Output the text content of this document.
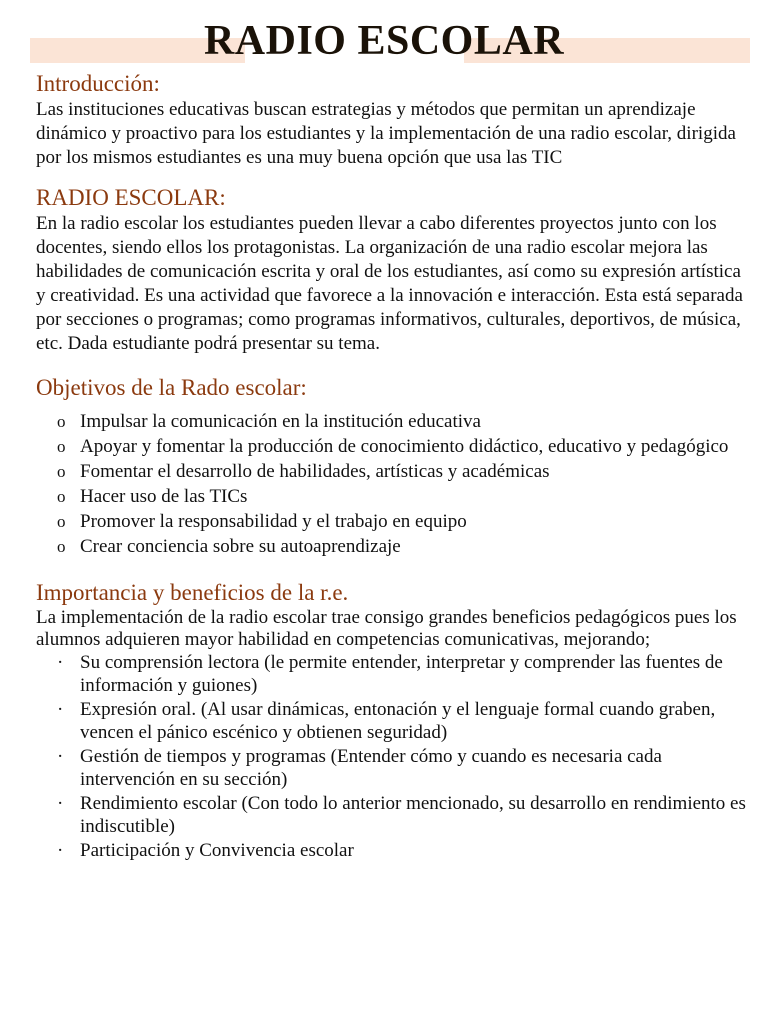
RADIO ESCOLAR
Introducción:

Las instituciones educativas buscan estrategias y métodos que permitan un aprendizaje dinámico y proactivo para los estudiantes y la implementación de una radio escolar, dirigida por los mismos estudiantes es una muy buena opción que usa las TIC

RADIO ESCOLAR:

En la radio escolar los estudiantes pueden llevar a cabo diferentes proyectos junto con los docentes, siendo ellos los protagonistas. La organización de una radio escolar mejora las habilidades de comunicación escrita y oral de los estudiantes, así como su expresión artística y creatividad. Es una actividad que favorece a la innovación e interacción. Esta está separada por secciones o programas; como programas informativos, culturales, deportivos, de música, etc. Dada estudiante podrá presentar su tema.

Objetivos de la Rado escolar:
o Impulsar la comunicación en la institución educativa
o Apoyar y fomentar la producción de conocimiento didáctico, educativo y pedagógico
o Fomentar el desarrollo de habilidades, artísticas y académicas
o Hacer uso de las TICs
o Promover la responsabilidad y el trabajo en equipo
o Crear conciencia sobre su autoaprendizaje
Importancia y beneficios de la r.e.

La implementación de la radio escolar trae consigo grandes beneficios pedagógicos pues los alumnos adquieren mayor habilidad en competencias comunicativas, mejorando;

· Su comprensión lectora (le permite entender, interpretar y comprender las fuentes de información y guiones)
· Expresión oral. (Al usar dinámicas, entonación y el lenguaje formal cuando graben, vencen el pánico escénico y obtienen seguridad)
· Gestión de tiempos y programas (Entender cómo y cuando es necesaria cada intervención en su sección)
· Rendimiento escolar (Con todo lo anterior mencionado, su desarrollo en rendimiento es indiscutible)
· Participación y Convivencia escolar
